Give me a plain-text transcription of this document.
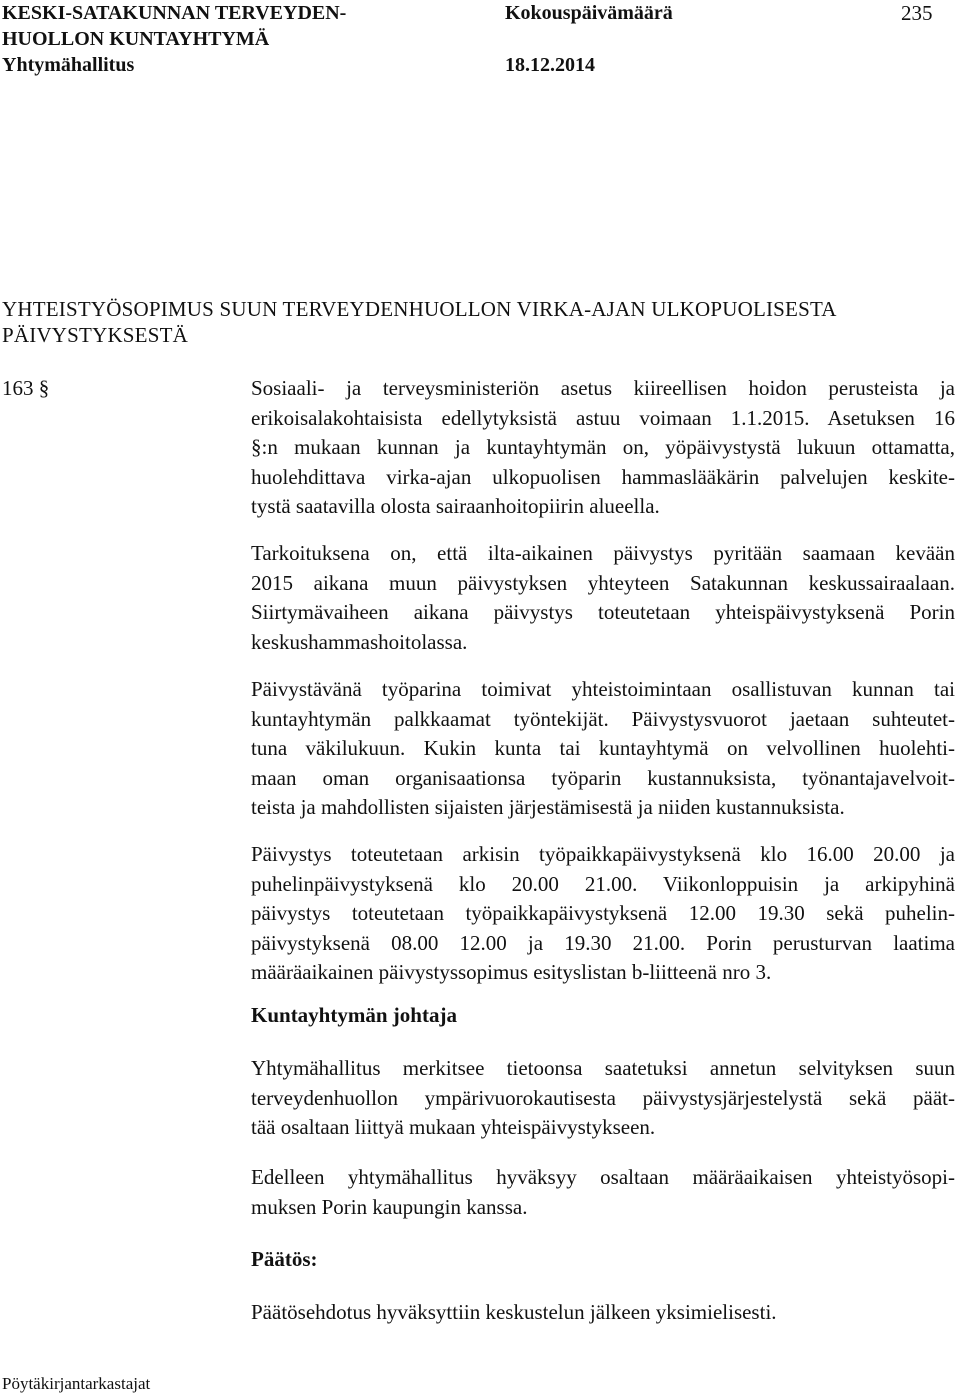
KESKI-SATAKUNNAN TERVEYDEN-
HUOLLON KUNTAYHTYMÄ
Yhtymähallitus
Kokouspäivämäärä
18.12.2014
235
YHTEISTYÖSOPIMUS SUUN TERVEYDENHUOLLON VIRKA-AJAN ULKOPUOLISESTA
PÄIVYSTYKSESTÄ
163 §	Sosiaali- ja terveysministeriön asetus kiireellisen hoidon perusteista ja
erikoisalakohtaisista edellytyksistä astuu voimaan 1.1.2015. Asetuksen 16
§:n mukaan kunnan ja kuntayhtymän on, yöpäivystystä lukuun ottamatta,
huolehdittava virka-ajan ulkopuolisen hammaslääkärin palvelujen keskite-
tystä saatavilla olosta sairaanhoitopiirin alueella.
Tarkoituksena on, että ilta-aikainen päivystys pyritään saamaan kevään
2015 aikana muun päivystyksen yhteyteen Satakunnan keskussairaalaan.
Siirtymävaiheen aikana päivystys toteutetaan yhteispäivystyksenä Porin
keskushammashoitolassa.
Päivystävänä työparina toimivat yhteistoimintaan osallistuvan kunnan tai
kuntayhtymän palkkaamat työntekijät. Päivystysvuorot jaetaan suhteutet-
tuna väkilukuun. Kukin kunta tai kuntayhtymä on velvollinen huolehti-
maan oman organisaationsa työparin kustannuksista, työnantajavelvoit-
teista ja mahdollisten sijaisten järjestämisestä ja niiden kustannuksista.
Päivystys toteutetaan arkisin työpaikkapäivystyksenä klo 16.00 20.00 ja
puhelinpäivystyksenä klo 20.00 21.00. Viikonloppuisin ja arkipyhinä
päivystys toteutetaan työpaikkapäivystyksenä 12.00 19.30 sekä puhelin-
päivystyksenä 08.00 12.00 ja 19.30 21.00. Porin perusturvan laatima
määräaikainen päivystyssopimus esityslistan b-liitteenä nro 3.
Kuntayhtymän johtaja
Yhtymähallitus merkitsee tietoonsa saatetuksi annetun selvityksen suun
terveydenhuollon ympärivuorokautisesta päivystysjärjestelystä sekä päät-
tää osaltaan liittyä mukaan yhteispäivystykseen.
Edelleen yhtymähallitus hyväksyy osaltaan määräaikaisen yhteistyösopi-
muksen Porin kaupungin kanssa.
Päätös:
Päätösehdotus hyväksyttiin keskustelun jälkeen yksimielisesti.
Pöytäkirjantarkastajat
